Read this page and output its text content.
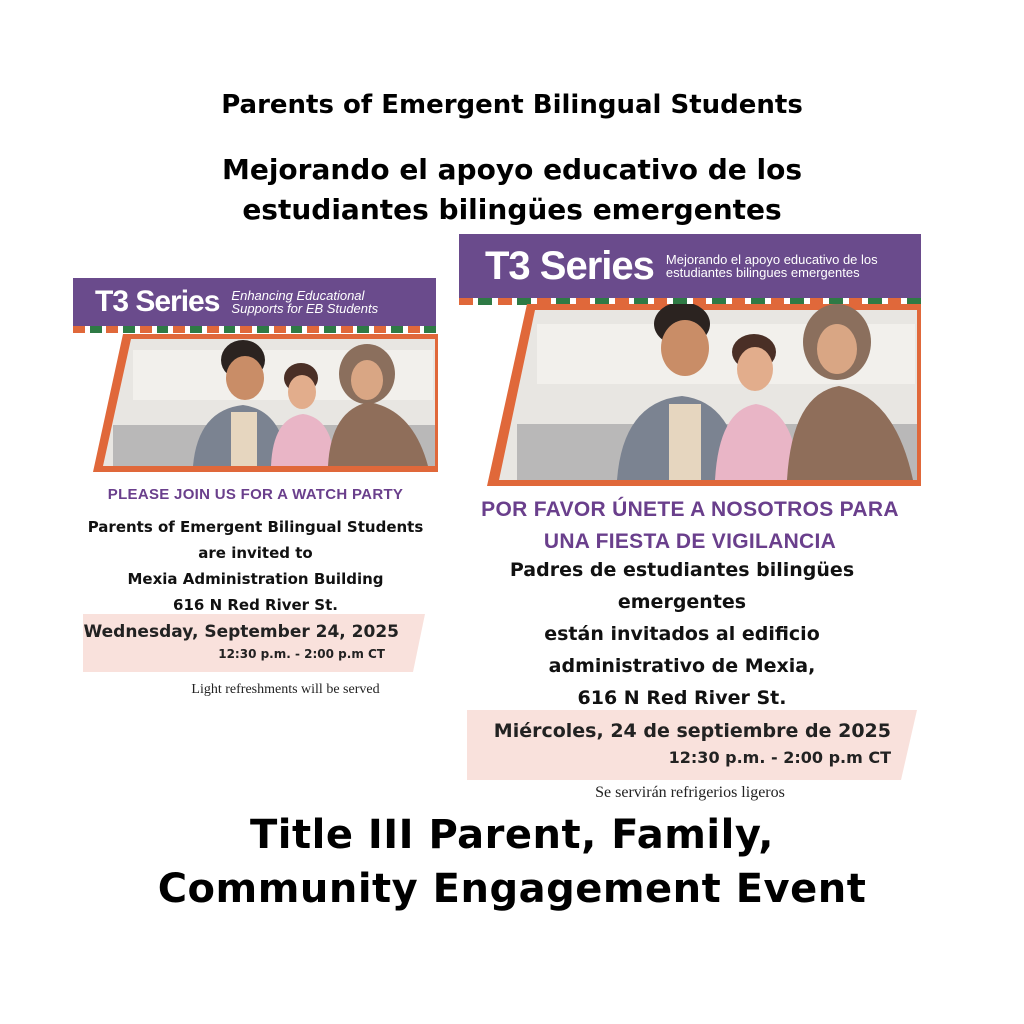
Parents of Emergent Bilingual Students
Mejorando el apoyo educativo de los estudiantes bilingües emergentes
T3 Series Enhancing Educational Supports for EB Students
PLEASE JOIN US FOR A WATCH PARTY
Parents of Emergent Bilingual Students
are invited to
Mexia Administration Building
616 N Red River St.
Wednesday, September 24, 2025
12:30 p.m. - 2:00 p.m CT
Light refreshments will be served
T3 Series Mejorando el apoyo educativo de los estudiantes bilingues emergentes
POR FAVOR ÚNETE A NOSOTROS PARA
UNA FIESTA DE VIGILANCIA
Padres de estudiantes bilingües
emergentes
están invitados al edificio
administrativo de Mexia,
616 N Red River St.
Miércoles, 24 de septiembre de 2025
12:30 p.m. - 2:00 p.m CT
Se servirán refrigerios ligeros
Title III Parent, Family, Community Engagement Event
